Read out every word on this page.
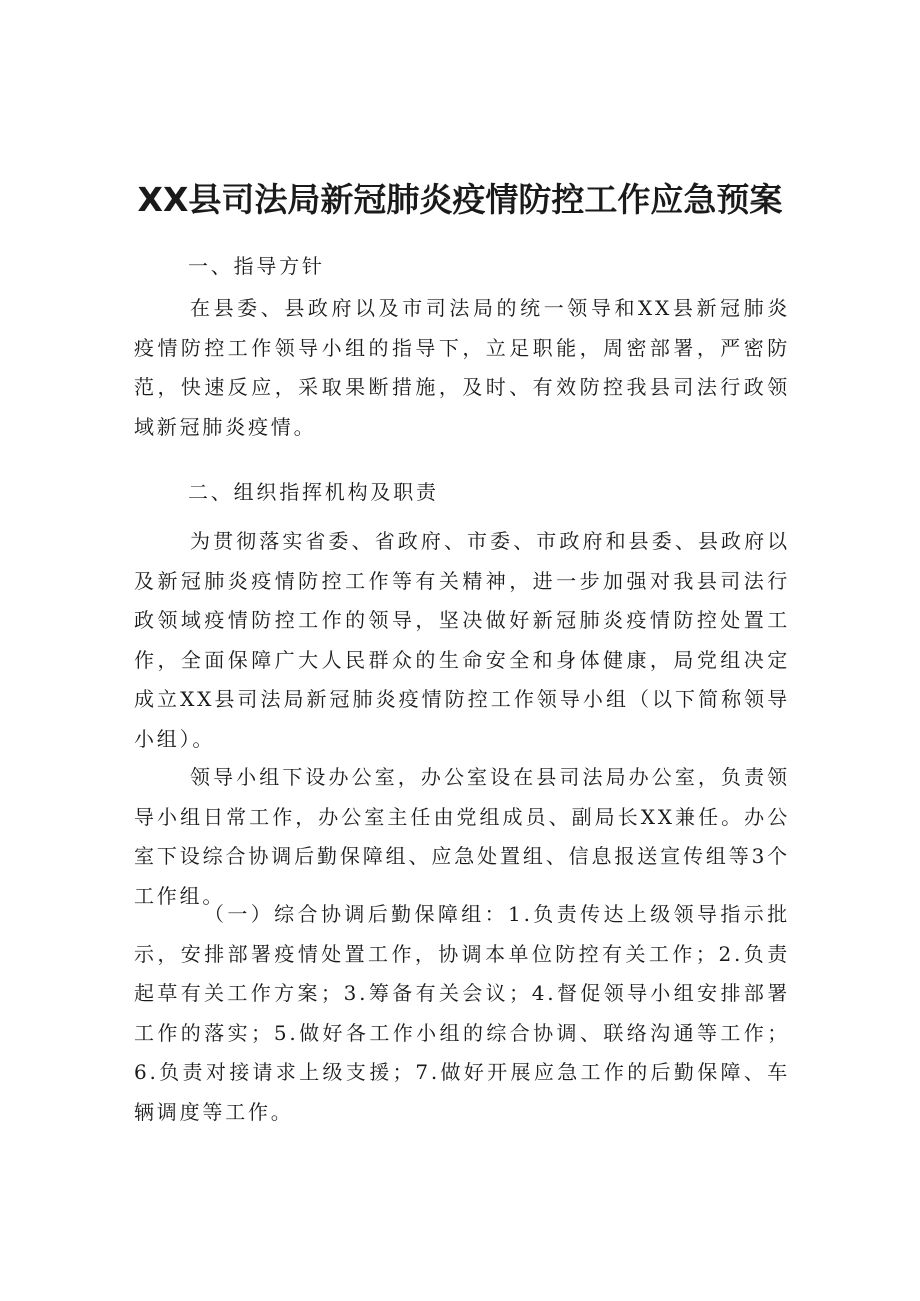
XX县司法局新冠肺炎疫情防控工作应急预案

一、指导方针

在县委、县政府以及市司法局的统一领导和XX县新冠肺炎疫情防控工作领导小组的指导下，立足职能，周密部署，严密防范，快速反应，采取果断措施，及时、有效防控我县司法行政领域新冠肺炎疫情。

二、组织指挥机构及职责

为贯彻落实省委、省政府、市委、市政府和县委、县政府以及新冠肺炎疫情防控工作等有关精神，进一步加强对我县司法行政领域疫情防控工作的领导，坚决做好新冠肺炎疫情防控处置工作，全面保障广大人民群众的生命安全和身体健康，局党组决定成立XX县司法局新冠肺炎疫情防控工作领导小组（以下简称领导小组）。

领导小组下设办公室，办公室设在县司法局办公室，负责领导小组日常工作，办公室主任由党组成员、副局长XX兼任。办公室下设综合协调后勤保障组、应急处置组、信息报送宣传组等3个工作组。

（一）综合协调后勤保障组：1.负责传达上级领导指示批示，安排部署疫情处置工作，协调本单位防控有关工作；2.负责起草有关工作方案；3.筹备有关会议；4.督促领导小组安排部署工作的落实；5.做好各工作小组的综合协调、联络沟通等工作；6.负责对接请求上级支援；7.做好开展应急工作的后勤保障、车辆调度等工作。
